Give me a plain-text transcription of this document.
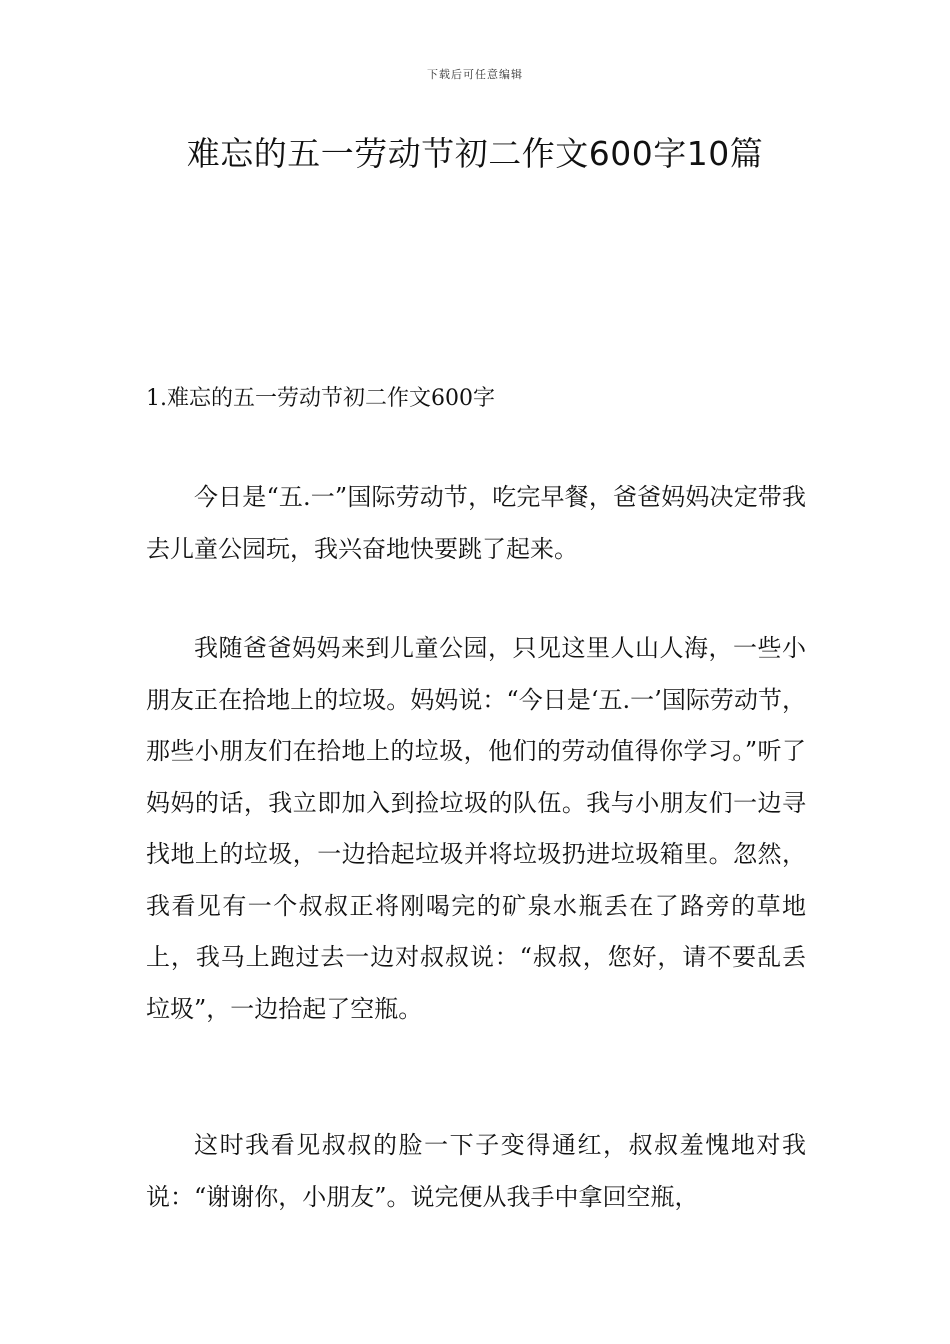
下载后可任意编辑
难忘的五一劳动节初二作文600字10篇
1.难忘的五一劳动节初二作文600字

今日是“五.一”国际劳动节，吃完早餐，爸爸妈妈决定带我去儿童公园玩，我兴奋地快要跳了起来。

我随爸爸妈妈来到儿童公园，只见这里人山人海，一些小朋友正在拾地上的垃圾。妈妈说：“今日是‘五.一’国际劳动节，那些小朋友们在拾地上的垃圾，他们的劳动值得你学习。”听了妈妈的话，我立即加入到捡垃圾的队伍。我与小朋友们一边寻找地上的垃圾，一边拾起垃圾并将垃圾扔进垃圾箱里。忽然，我看见有一个叔叔正将刚喝完的矿泉水瓶丢在了路旁的草地上，我马上跑过去一边对叔叔说：“叔叔，您好，请不要乱丢垃圾”，一边拾起了空瓶。

这时我看见叔叔的脸一下子变得通红，叔叔羞愧地对我说：“谢谢你，小朋友”。说完便从我手中拿回空瓶，
